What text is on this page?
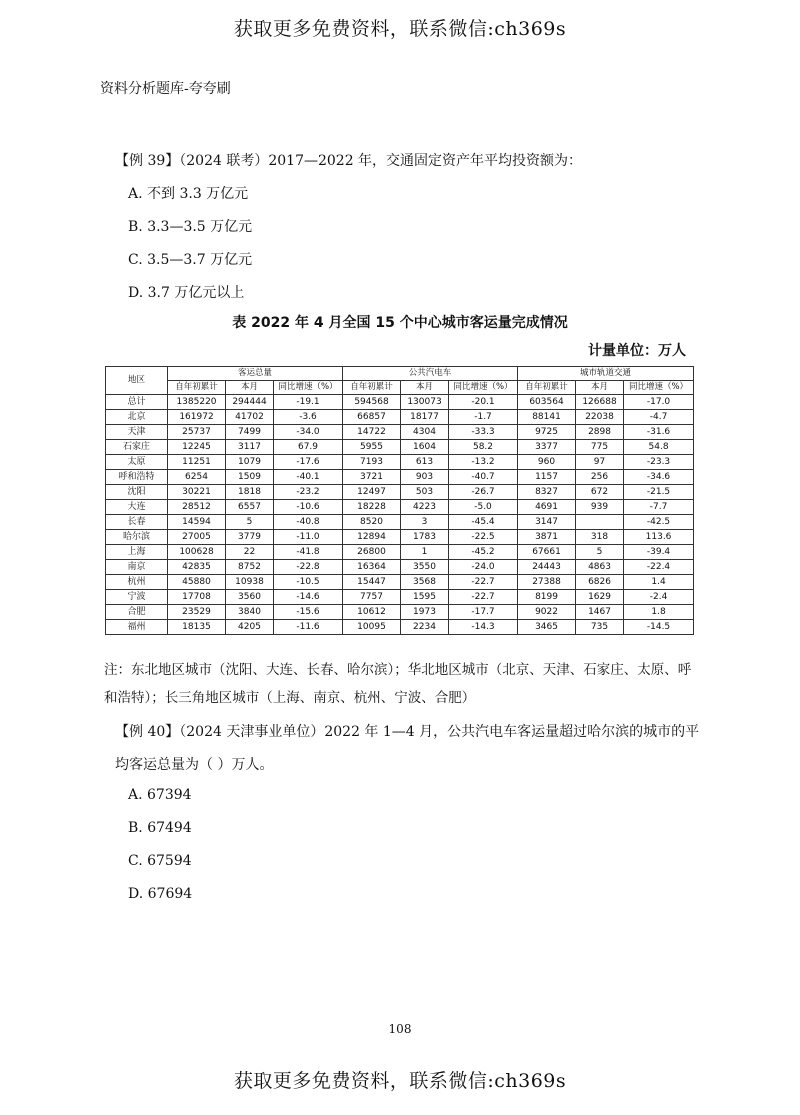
获取更多免费资料，联系微信:ch369s
资料分析题库-夸夸刷
【例 39】（2024 联考）2017—2022 年，交通固定资产年平均投资额为：
A. 不到 3.3 万亿元
B. 3.3—3.5 万亿元
C. 3.5—3.7 万亿元
D. 3.7 万亿元以上
表 2022 年 4 月全国 15 个中心城市客运量完成情况
计量单位：万人
地区	客运总量			公共汽电车			城市轨道交通		
	自年初累计	本月	同比增速（%）	自年初累计	本月	同比增速（%）	自年初累计	本月	同比增速（%）
总计	1385220	294444	-19.1	594568	130073	-20.1	603564	126688	-17.0
北京	161972	41702	-3.6	66857	18177	-1.7	88141	22038	-4.7
天津	25737	7499	-34.0	14722	4304	-33.3	9725	2898	-31.6
石家庄	12245	3117	67.9	5955	1604	58.2	3377	775	54.8
太原	11251	1079	-17.6	7193	613	-13.2	960	97	-23.3
呼和浩特	6254	1509	-40.1	3721	903	-40.7	1157	256	-34.6
沈阳	30221	1818	-23.2	12497	503	-26.7	8327	672	-21.5
大连	28512	6557	-10.6	18228	4223	-5.0	4691	939	-7.7
长春	14594	5	-40.8	8520	3	-45.4	3147		-42.5
哈尔滨	27005	3779	-11.0	12894	1783	-22.5	3871	318	113.6
上海	100628	22	-41.8	26800	1	-45.2	67661	5	-39.4
南京	42835	8752	-22.8	16364	3550	-24.0	24443	4863	-22.4
杭州	45880	10938	-10.5	15447	3568	-22.7	27388	6826	1.4
宁波	17708	3560	-14.6	7757	1595	-22.7	8199	1629	-2.4
合肥	23529	3840	-15.6	10612	1973	-17.7	9022	1467	1.8
福州	18135	4205	-11.6	10095	2234	-14.3	3465	735	-14.5
注：东北地区城市（沈阳、大连、长春、哈尔滨）；华北地区城市（北京、天津、石家庄、太原、呼和浩特）；长三角地区城市（上海、南京、杭州、宁波、合肥）
【例 40】（2024 天津事业单位）2022 年 1—4 月，公共汽电车客运量超过哈尔滨的城市的平均客运总量为（ ）万人。
A. 67394
B. 67494
C. 67594
D. 67694
108
获取更多免费资料，联系微信:ch369s
